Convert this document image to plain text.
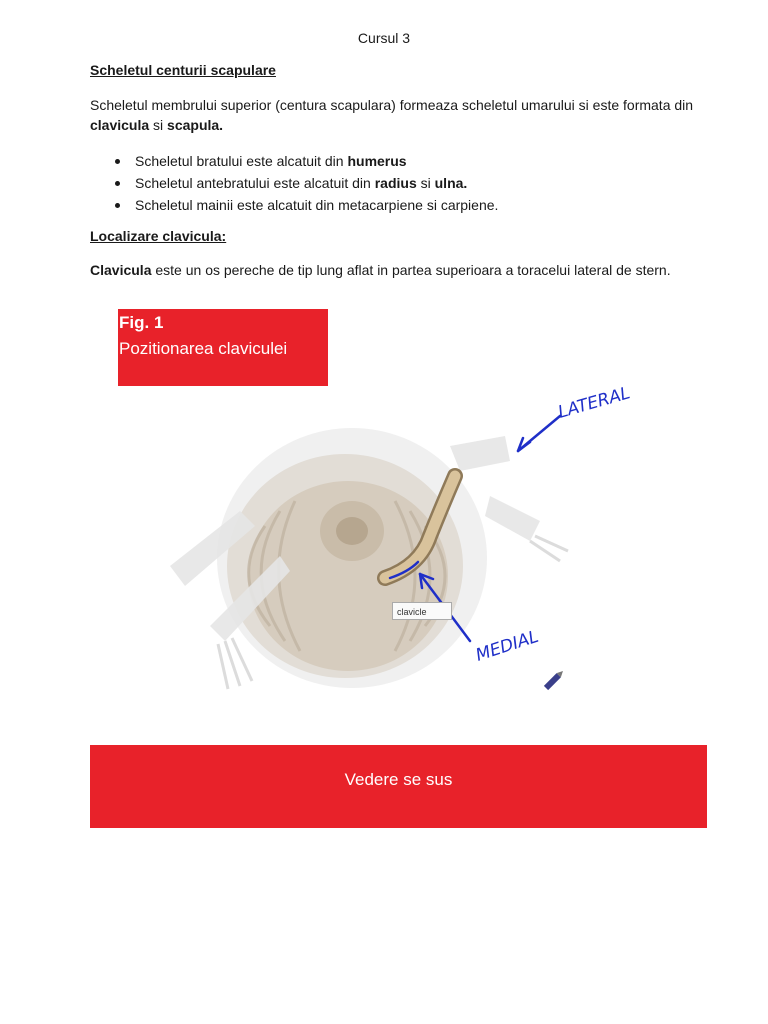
Cursul 3
Scheletul centurii scapulare
Scheletul membrului superior (centura scapulara) formeaza scheletul umarului si este formata din clavicula si scapula.
Scheletul bratului este alcatuit din humerus
Scheletul antebratului este alcatuit din radius si ulna.
Scheletul mainii este alcatuit din metacarpiene si carpiene.
Localizare clavicula:
Clavicula este un os pereche de tip lung aflat in partea superioara a toracelui lateral de stern.
LATERAL
MEDIAL
Fig. 1
Pozitionarea claviculei
clavicle
Vedere se sus
